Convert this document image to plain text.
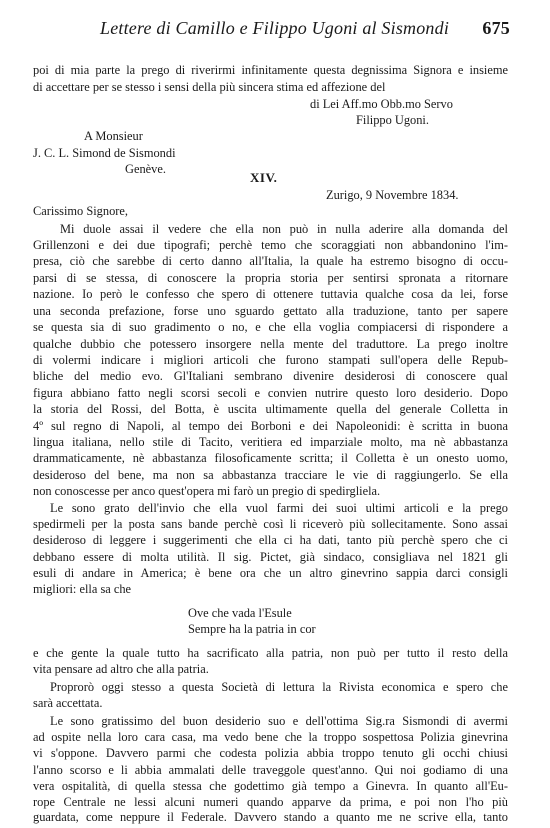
Lettere di Camillo e Filippo Ugoni al Sismondi 675
poi di mia parte la prego di riverirmi infinitamente questa degnissima Signora e insieme
di accettare per se stesso i sensi della più sincera stima ed affezione del
di Lei Aff.mo Obb.mo Servo
Filippo Ugoni.
A Monsieur
J. C. L. Simond de Sismondi
Genève.
XIV.
Zurigo, 9 Novembre 1834.
Carissimo Signore,
Mi duole assai il vedere che ella non può in nulla aderire alla domanda del
Grillenzoni e dei due tipografi; perchè temo che scoraggiati non abbandonino l'im-
presa, ciò che sarebbe di certo danno all'Italia, la quale ha estremo bisogno di occu-
parsi di se stessa, di conoscere la propria storia per sentirsi spronata a ritornare
nazione. Io però le confesso che spero di ottenere tuttavia qualche cosa da lei, forse
una seconda prefazione, forse uno sguardo gettato alla traduzione, tanto per sapere
se questa sia di suo gradimento o no, e che ella voglia compiacersi di rispondere a
qualche dubbio che potessero insorgere nella mente del traduttore. La prego inoltre
di volermi indicare i migliori articoli che furono stampati sull'opera delle Repub-
bliche del medio evo. Gl'Italiani sembrano divenire desiderosi di conoscere qual
figura abbiano fatto negli scorsi secoli e convien nutrire questo loro desiderio. Dopo
la storia del Rossi, del Botta, è uscita ultimamente quella del generale Colletta in
4º sul regno di Napoli, al tempo dei Borboni e dei Napoleonidi: è scritta in buona
lingua italiana, nello stile di Tacito, veritiera ed imparziale molto, ma nè abbastanza
drammaticamente, nè abbastanza filosoficamente scritta; il Colletta è un onesto uomo,
desideroso del bene, ma non sa abbastanza tracciare le vie di raggiungerlo. Se ella
non conoscesse per anco quest'opera mi farò un pregio di spedirgliela.
Le sono grato dell'invio che ella vuol farmi dei suoi ultimi articoli e la prego
spedirmeli per la posta sans bande perchè così li riceverò più sollecitamente. Sono assai
desideroso di leggere i suggerimenti che ella ci ha dati, tanto più perchè spero che ci
debbano essere di molta utilità. Il sig. Pictet, già sindaco, consigliava nel 1821 gli
esuli di andare in America; è bene ora che un altro ginevrino sappia darci consigli
migliori: ella sa che
Ove che vada l'Esule
Sempre ha la patria in cor
e che gente la quale tutto ha sacrificato alla patria, non può per tutto il resto della
vita pensare ad altro che alla patria.
Proprorò oggi stesso a questa Società di lettura la Rivista economica e spero che
sarà accettata.
Le sono gratissimo del buon desiderio suo e dell'ottima Sig.ra Sismondi di avermi
ad ospite nella loro cara casa, ma vedo bene che la troppo sospettosa Polizia ginevrina
vi s'oppone. Davvero parmi che codesta polizia abbia troppo tenuto gli occhi chiusi
l'anno scorso e li abbia ammalati delle traveggole quest'anno. Qui noi godiamo di una
vera ospitalità, di quella stessa che godettimo già tempo a Ginevra. In quanto all'Eu-
rope Centrale ne lessi alcuni numeri quando apparve da prima, e poi non l'ho più
guardata, come neppure il Federale. Davvero stando a quanto me ne scrive ella, tanto
